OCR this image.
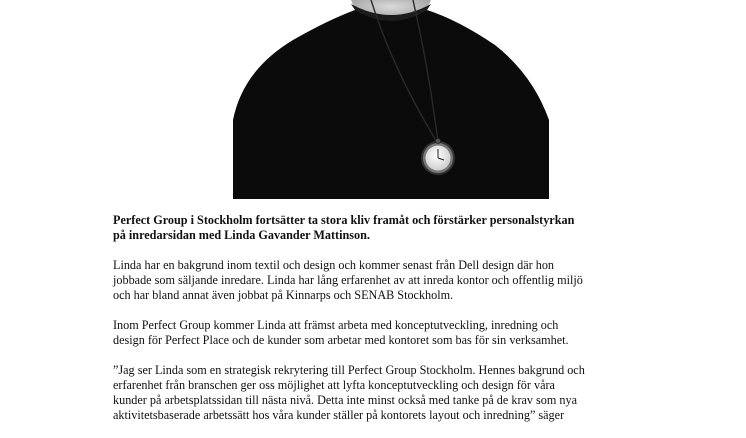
Perfect Group i Stockholm fortsätter ta stora kliv framåt och förstärker personalstyrkan
på inredarsidan med Linda Gavander Mattinson.

Linda har en bakgrund inom textil och design och kommer senast från Dell design där hon
jobbade som säljande inredare. Linda har lång erfarenhet av att inreda kontor och offentlig miljö
och har bland annat även jobbat på Kinnarps och SENAB Stockholm.

Inom Perfect Group kommer Linda att främst arbeta med konceptutveckling, inredning och
design för Perfect Place och de kunder som arbetar med kontoret som bas för sin verksamhet.

”Jag ser Linda som en strategisk rekrytering till Perfect Group Stockholm. Hennes bakgrund och
erfarenhet från branschen ger oss möjlighet att lyfta konceptutveckling och design för våra
kunder på arbetsplatssidan till nästa nivå. Detta inte minst också med tanke på de krav som nya
aktivitetsbaserade arbetssätt hos våra kunder ställer på kontorets layout och inredning” säger
